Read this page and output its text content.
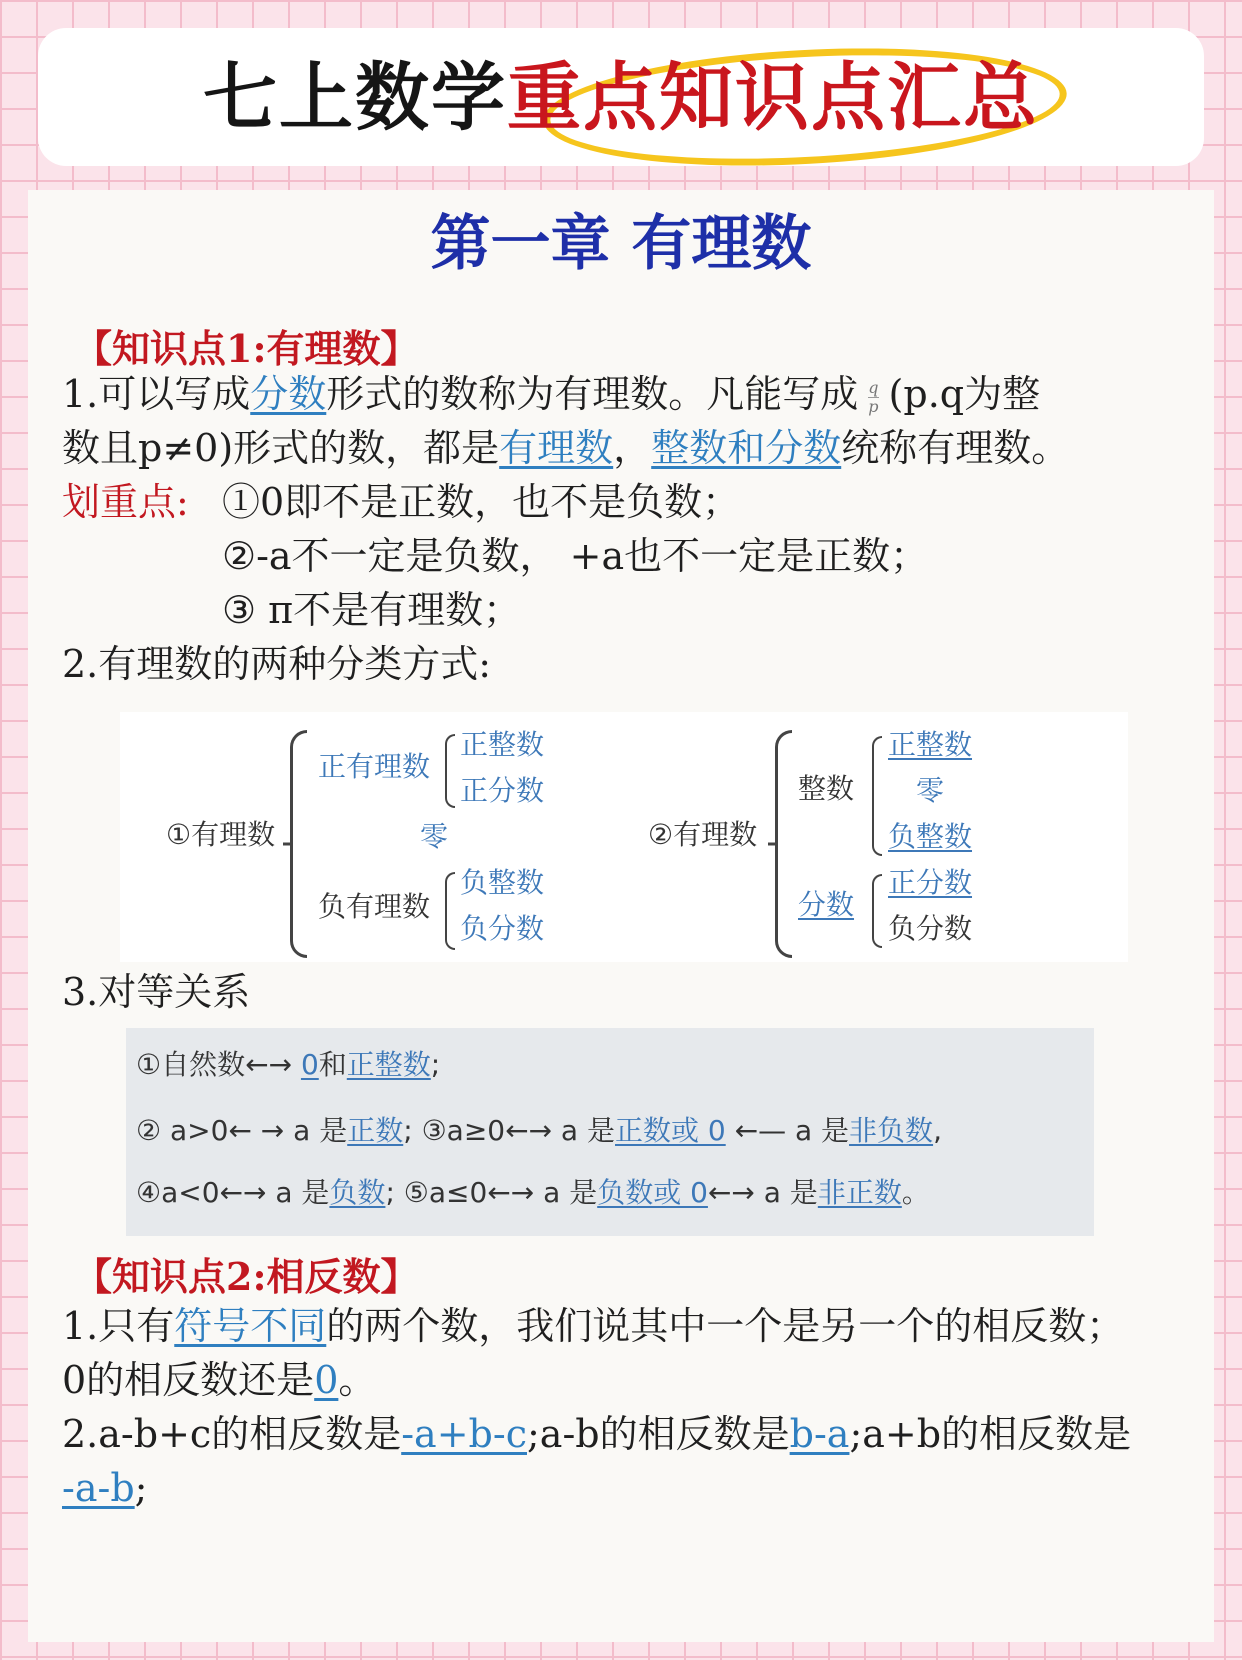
七上数学重点知识点汇总
第一章 有理数
【知识点1:有理数】
1.可以写成分数形式的数称为有理数。凡能写成 $\frac{q}{p} (p.q$为整
数且p≠0)形式的数，都是有理数，整数和分数统称有理数。
划重点: ①0即不是正数，也不是负数；
②-a不一定是负数， +a也不一定是正数；
③ π不是有理数；
2.有理数的两种分类方式:
3.对等关系
【知识点2:相反数】
1.只有符号不同的两个数，我们说其中一个是另一个的相反数；
0的相反数还是0。
2.a-b+c的相反数是-a+b-c;a-b的相反数是b-a;a+b的相反数是
-a-b;
①有理数
正有理数
正整数
正分数
零
负有理数
负整数
负分数
②有理数
整数
正整数
零
负整数
分数
正分数
负分数
①自然数←→ 0和正整数;
② a>0← → a 是正数; ③a≥0←→ a 是正数或 0 ←— a 是非负数,
④a<0←→ a 是负数; ⑤a≤0←→ a 是负数或 0←→ a 是非正数。
